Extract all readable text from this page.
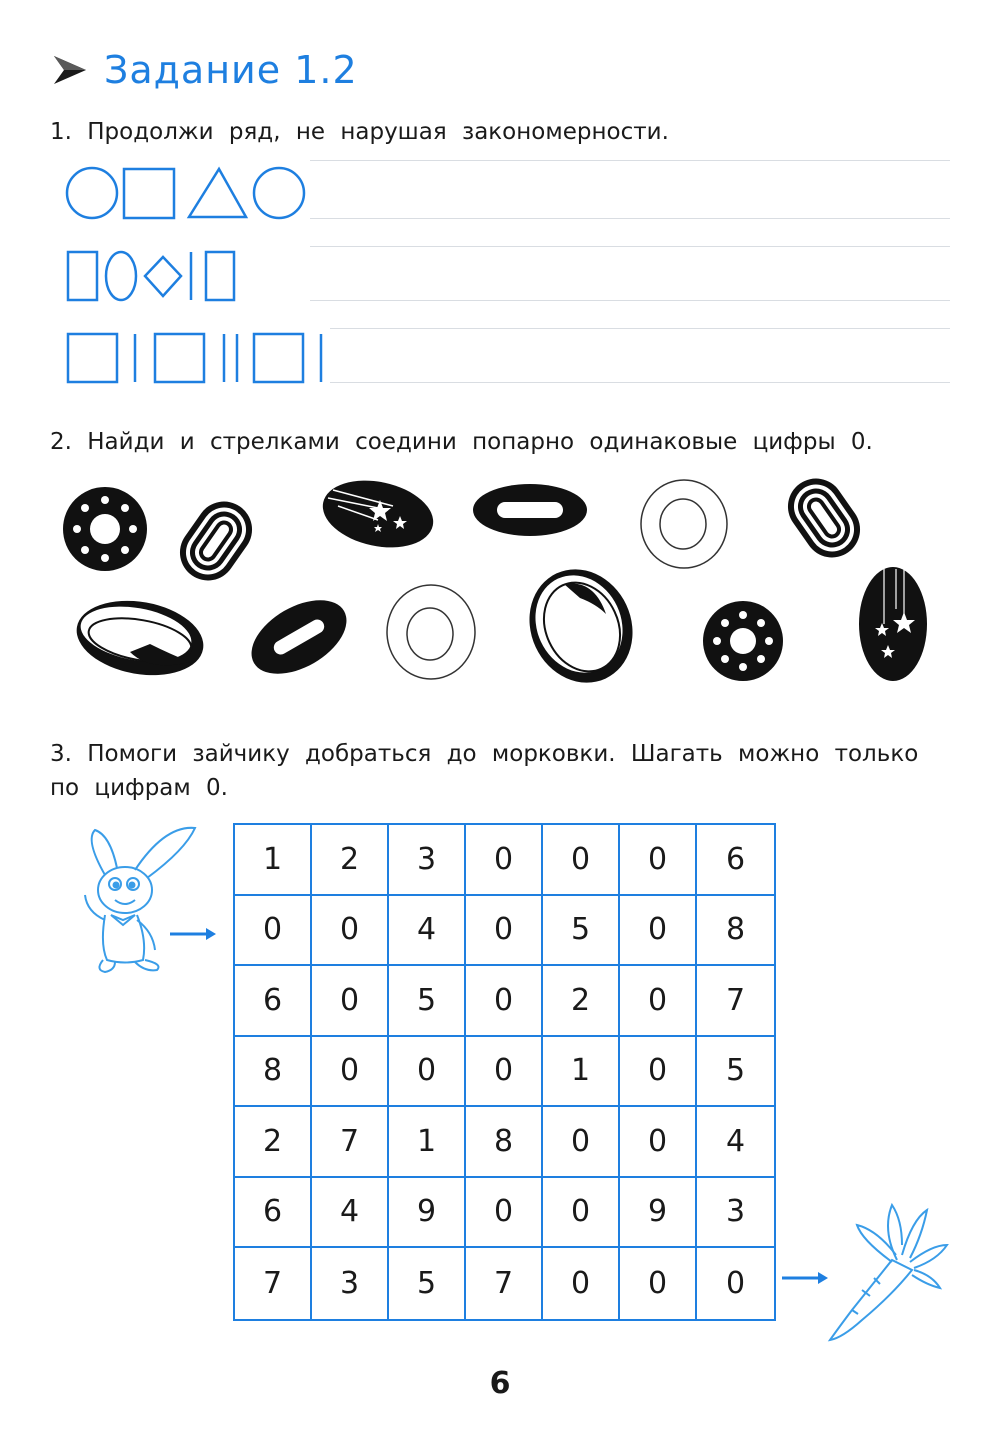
Задание 1.2
1. Продолжи ряд, не нарушая закономерности.
2. Найди и стрелками соедини попарно одинаковые цифры 0.
3. Помоги зайчику добраться до морковки. Шагать можно только
по цифрам 0.
1	2	3	0	0	0	6
0	0	4	0	5	0	8
6	0	5	0	2	0	7
8	0	0	0	1	0	5
2	7	1	8	0	0	4
6	4	9	0	0	9	3
7	3	5	7	0	0	0
6
